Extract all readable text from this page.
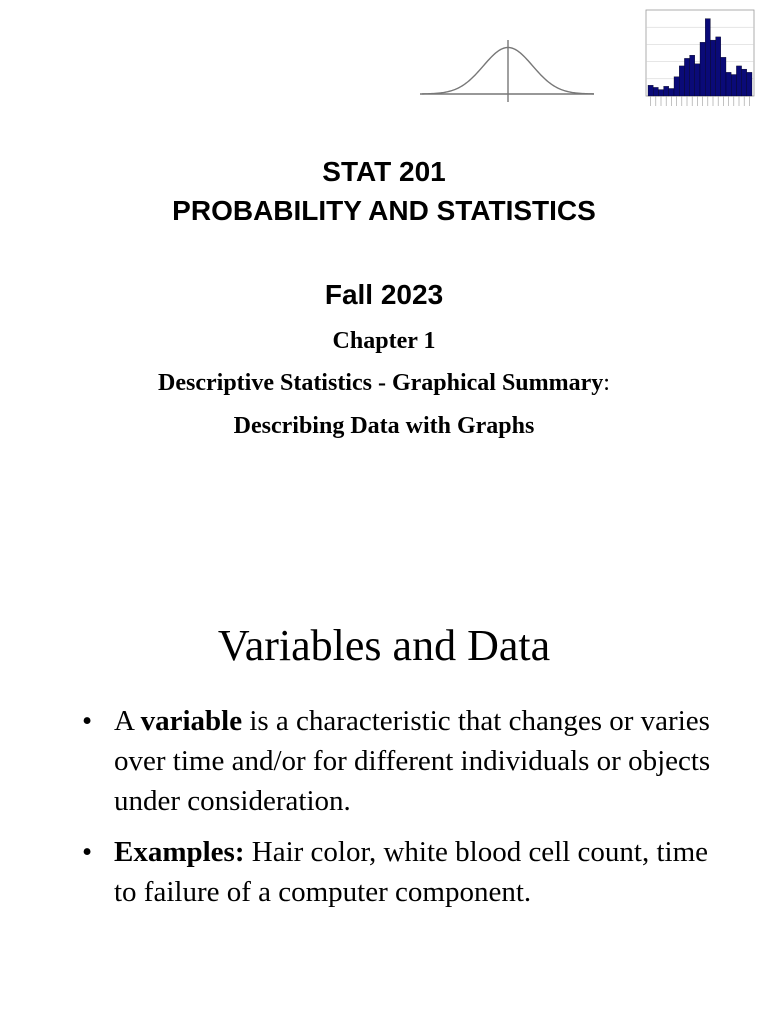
STAT 201
PROBABILITY AND STATISTICS
Fall 2023
Chapter 1
Descriptive Statistics - Graphical Summary:
Describing Data with Graphs
Variables and Data
• A variable is a characteristic that changes or varies over time and/or for different individuals or objects under consideration.
• Examples: Hair color, white blood cell count, time to failure of a computer component.
